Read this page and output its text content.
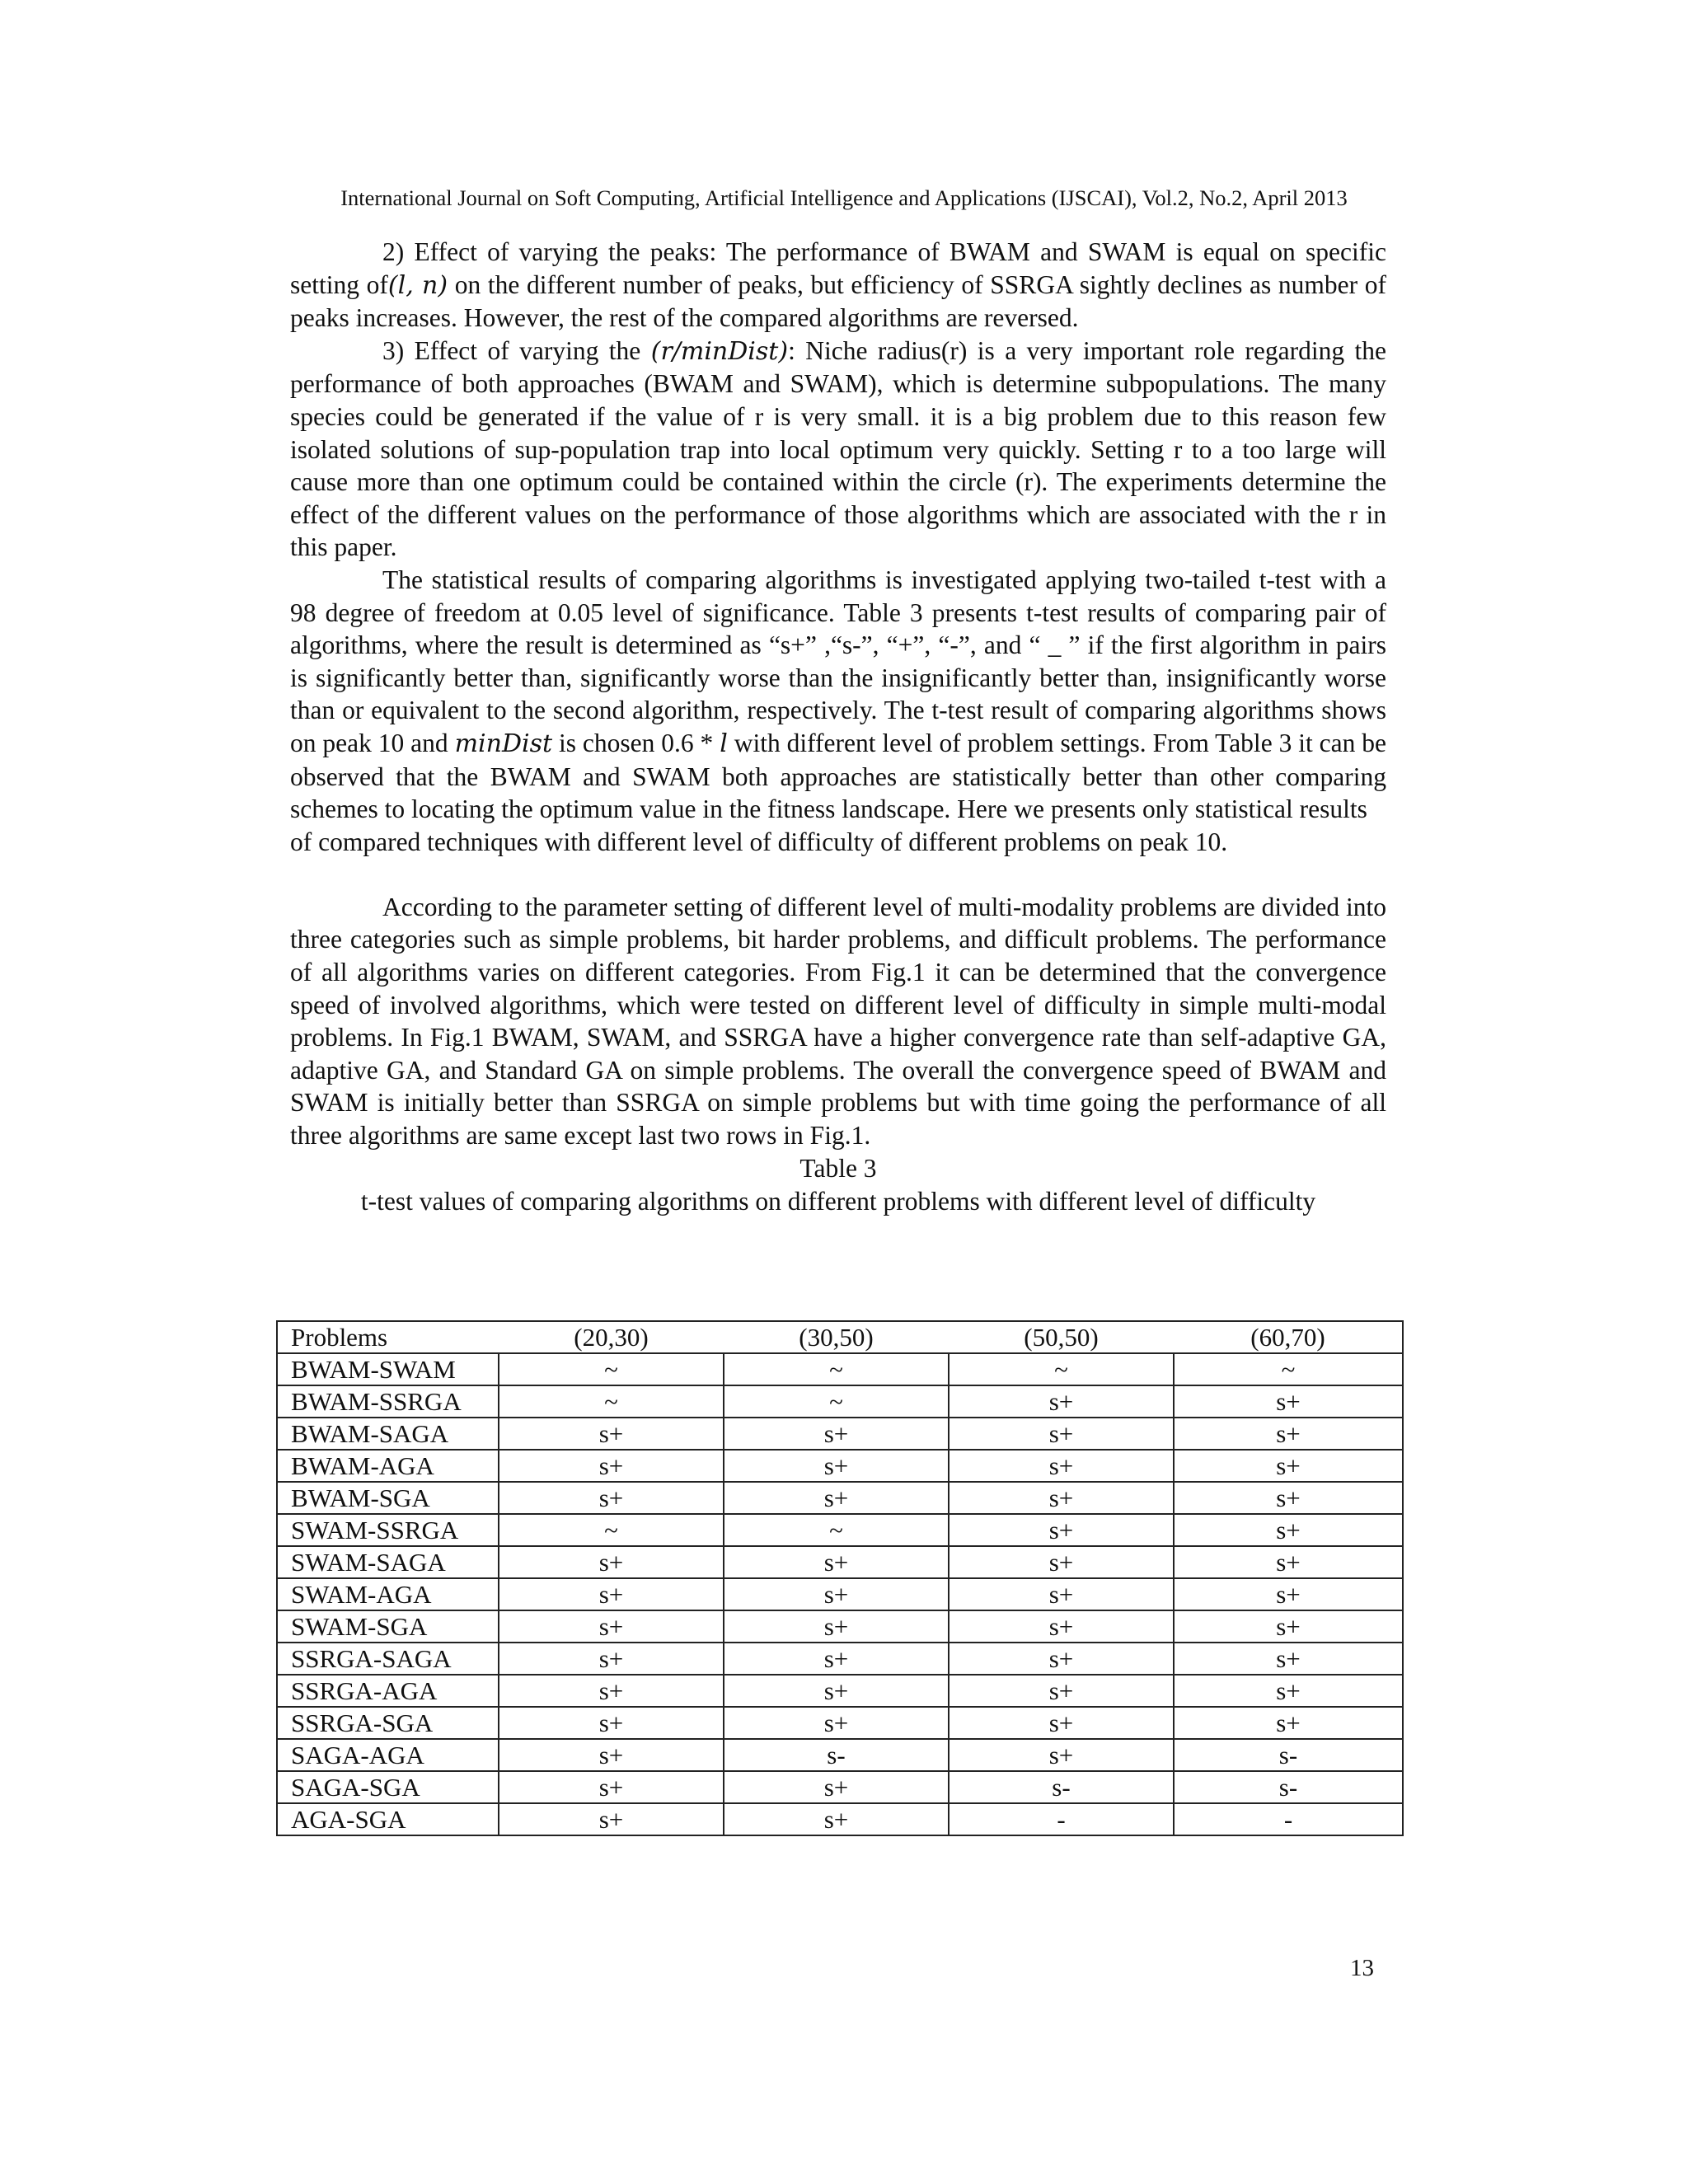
International Journal on Soft Computing, Artificial Intelligence and Applications (IJSCAI), Vol.2, No.2, April 2013

2) Effect of varying the peaks: The performance of BWAM and SWAM is equal on specific setting of(l, n) on the different number of peaks, but efficiency of SSRGA sightly declines as number of peaks increases. However, the rest of the compared algorithms are reversed.

3) Effect of varying the (r/minDist): Niche radius(r) is a very important role regarding the performance of both approaches (BWAM and SWAM), which is determine subpopulations. The many species could be generated if the value of r is very small. it is a big problem due to this reason few isolated solutions of sup-population trap into local optimum very quickly. Setting r to a too large will cause more than one optimum could be contained within the circle (r). The experiments determine the effect of the different values on the performance of those algorithms which are associated with the r in this paper.

The statistical results of comparing algorithms is investigated applying two-tailed t-test with a 98 degree of freedom at 0.05 level of significance. Table 3 presents t-test results of comparing pair of algorithms, where the result is determined as “s+” ,“s-”, “+”, “-”, and “ _ ” if the first algorithm in pairs is significantly better than, significantly worse than the insignificantly better than, insignificantly worse than or equivalent to the second algorithm, respectively. The t-test result of comparing algorithms shows on peak 10 and minDist is chosen 0.6 * l with different level of problem settings. From Table 3 it can be observed that the BWAM and SWAM both approaches are statistically better than other comparing schemes to locating the optimum value in the fitness landscape. Here we presents only statistical results

of compared techniques with different level of difficulty of different problems on peak 10.

According to the parameter setting of different level of multi-modality problems are divided into three categories such as simple problems, bit harder problems, and difficult problems. The performance of all algorithms varies on different categories. From Fig.1 it can be determined that the convergence speed of involved algorithms, which were tested on different level of difficulty in simple multi-modal problems. In Fig.1 BWAM, SWAM, and SSRGA have a higher convergence rate than self-adaptive GA, adaptive GA, and Standard GA on simple problems. The overall the convergence speed of BWAM and SWAM is initially better than SSRGA on simple problems but with time going the performance of all three algorithms are same except last two rows in Fig.1.

Table 3

t-test values of comparing algorithms on different problems with different level of difficulty
Problems	(20,30)	(30,50)	(50,50)	(60,70)
BWAM-SWAM	~	~	~	~
BWAM-SSRGA	~	~	s+	s+
BWAM-SAGA	s+	s+	s+	s+
BWAM-AGA	s+	s+	s+	s+
BWAM-SGA	s+	s+	s+	s+
SWAM-SSRGA	~	~	s+	s+
SWAM-SAGA	s+	s+	s+	s+
SWAM-AGA	s+	s+	s+	s+
SWAM-SGA	s+	s+	s+	s+
SSRGA-SAGA	s+	s+	s+	s+
SSRGA-AGA	s+	s+	s+	s+
SSRGA-SGA	s+	s+	s+	s+
SAGA-AGA	s+	s-	s+	s-
SAGA-SGA	s+	s+	s-	s-
AGA-SGA	s+	s+	-	-
13
